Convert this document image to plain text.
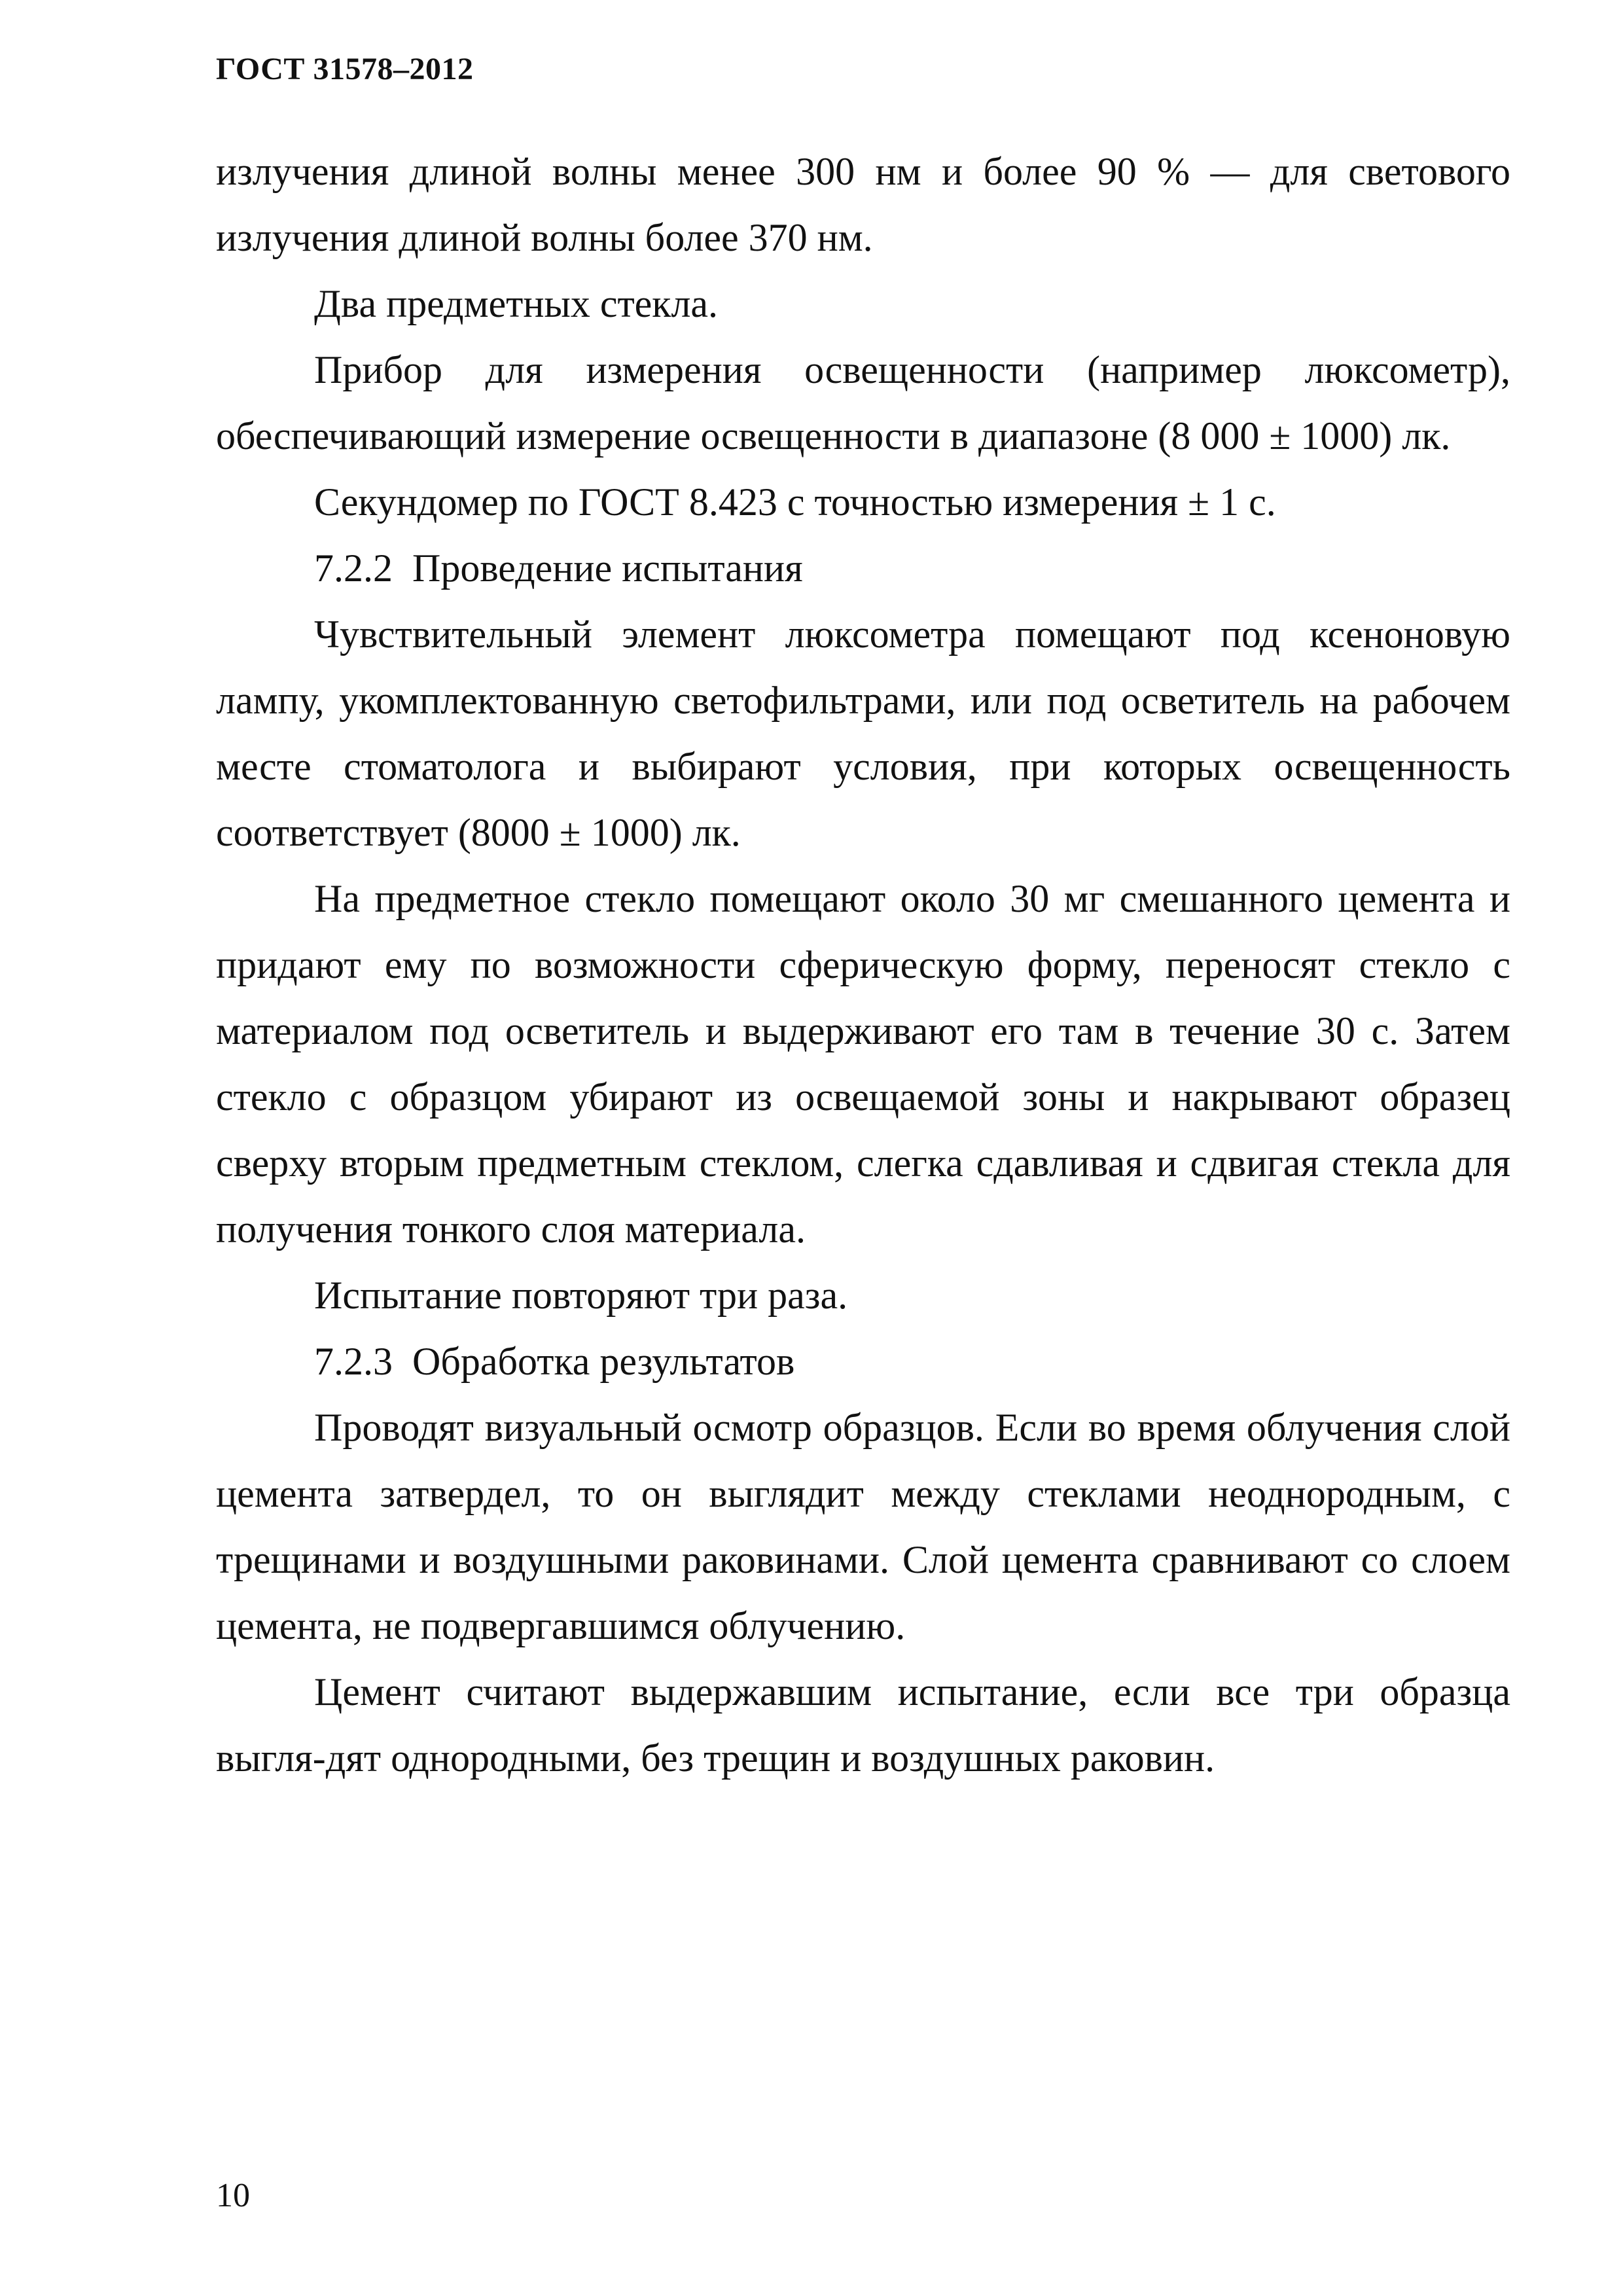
ГОСТ 31578–2012

излучения длиной волны менее 300 нм и более 90 % — для светового излучения длиной волны более 370 нм.

Два предметных стекла.

Прибор для измерения освещенности (например люксометр), обеспечивающий измерение освещенности в диапазоне (8 000 ± 1000) лк.

Секундомер по ГОСТ 8.423 с точностью измерения ± 1 с.

7.2.2  Проведение испытания

Чувствительный элемент люксометра помещают под ксеноновую лампу, укомплектованную светофильтрами, или под осветитель на рабочем месте стоматолога и выбирают условия, при которых освещенность соответствует (8000 ± 1000) лк.

На предметное стекло помещают около 30 мг смешанного цемента и придают ему по возможности сферическую форму, переносят стекло с материалом под осветитель и выдерживают его там в течение 30 с. Затем стекло с образцом убирают из освещаемой зоны и накрывают образец сверху вторым предметным стеклом, слегка сдавливая и сдвигая стекла для получения тонкого слоя материала.

Испытание повторяют три раза.

7.2.3  Обработка результатов

Проводят визуальный осмотр образцов. Если во время облучения слой цемента затвердел, то он выглядит между стеклами неоднородным, с трещинами и воздушными раковинами. Слой цемента сравнивают со слоем цемента, не подвергавшимся облучению.

Цемент считают выдержавшим испытание, если все три образца выгля-дят однородными, без трещин и воздушных раковин.

10
